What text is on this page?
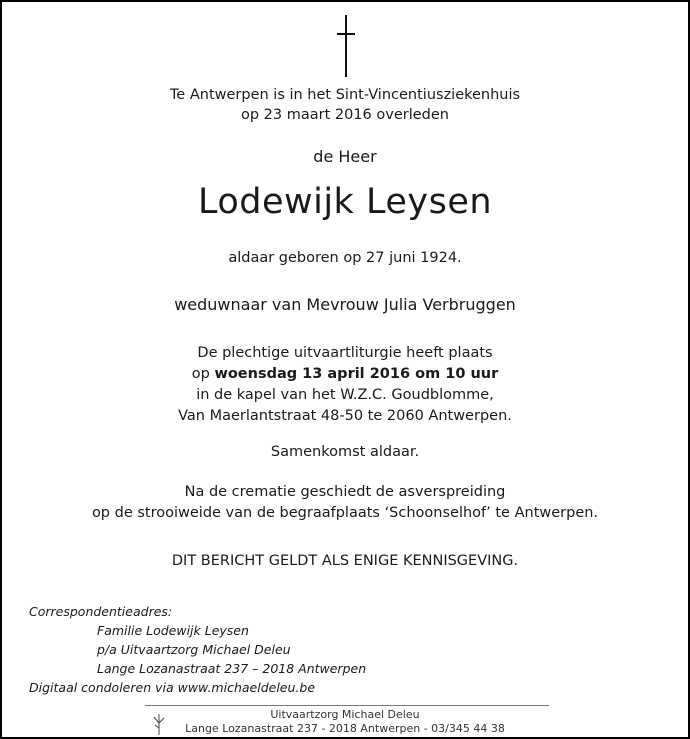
Te Antwerpen is in het Sint-Vincentiusziekenhuis
op 23 maart 2016 overleden
de Heer
Lodewijk Leysen
aldaar geboren op 27 juni 1924.
weduwnaar van Mevrouw Julia Verbruggen
De plechtige uitvaartliturgie heeft plaats
op woensdag 13 april 2016 om 10 uur
in de kapel van het W.Z.C. Goudblomme,
Van Maerlantstraat 48-50 te 2060 Antwerpen.
Samenkomst aldaar.
Na de crematie geschiedt de asverspreiding
op de strooiweide van de begraafplaats ‘Schoonselhof’ te Antwerpen.
DIT BERICHT GELDT ALS ENIGE KENNISGEVING.
Correspondentieadres:
Familie Lodewijk Leysen
p/a Uitvaartzorg Michael Deleu
Lange Lozanastraat 237 – 2018 Antwerpen
Digitaal condoleren via www.michaeldeleu.be
Uitvaartzorg Michael Deleu
Lange Lozanastraat 237 - 2018 Antwerpen - 03/345 44 38
